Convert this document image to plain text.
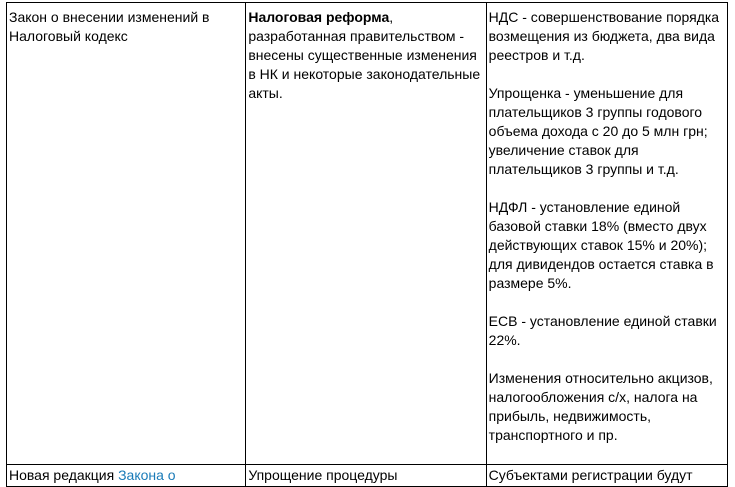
Закон о внесении изменений в Налоговый кодекс	Налоговая реформа, разработанная правительством - внесены существенные изменения в НК и некоторые законодательные акты.	НДС - совершенствование порядка возмещения из бюджета, два вида реестров и т.д.
Упрощенка - уменьшение для плательщиков 3 группы годового объема дохода с 20 до 5 млн грн; увеличение ставок для плательщиков 3 группы и т.д.
НДФЛ - установление единой базовой ставки 18% (вместо двух действующих ставок 15% и 20%); для дивидендов остается ставка в размере 5%.
ЕСВ - установление единой ставки 22%.
Изменения относительно акцизов, налогообложения с/х, налога на прибыль, недвижимость, транспортного и пр.

Новая редакция Закона о	Упрощение процедуры	Субъектами регистрации будут
